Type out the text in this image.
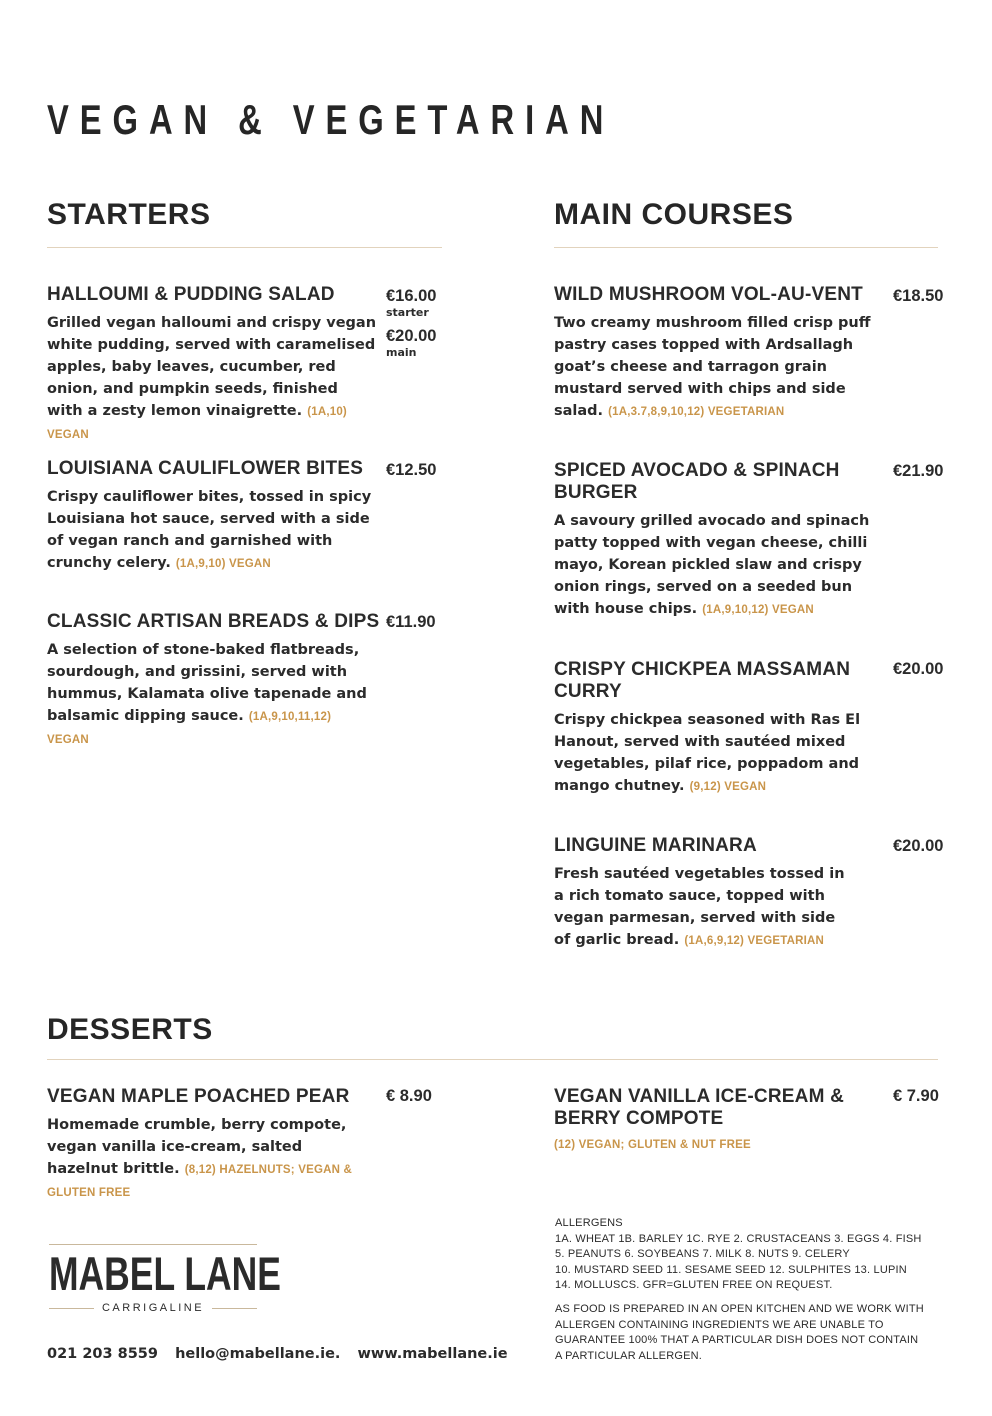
VEGAN & VEGETARIAN
STARTERS
HALLOUMI & PUDDING SALAD
Grilled vegan halloumi and crispy vegan white pudding, served with caramelised apples, baby leaves, cucumber, red onion, and pumpkin seeds, finished with a zesty lemon vinaigrette. (1A,10) VEGAN
€16.00
starter
€20.00
main
LOUISIANA CAULIFLOWER BITES
Crispy cauliflower bites, tossed in spicy Louisiana hot sauce, served with a side of vegan ranch and garnished with crunchy celery. (1A,9,10) VEGAN
€12.50
CLASSIC ARTISAN BREADS & DIPS
A selection of stone-baked flatbreads, sourdough, and grissini, served with hummus, Kalamata olive tapenade and balsamic dipping sauce. (1A,9,10,11,12) VEGAN
€11.90
MAIN COURSES
WILD MUSHROOM VOL-AU-VENT
Two creamy mushroom filled crisp puff pastry cases topped with Ardsallagh goat’s cheese and tarragon grain mustard served with chips and side salad. (1A,3.7,8,9,10,12) VEGETARIAN
€18.50
SPICED AVOCADO & SPINACH BURGER
A savoury grilled avocado and spinach patty topped with vegan cheese, chilli mayo, Korean pickled slaw and crispy onion rings, served on a seeded bun with house chips. (1A,9,10,12) VEGAN
€21.90
CRISPY CHICKPEA MASSAMAN CURRY
Crispy chickpea seasoned with Ras El Hanout, served with sautéed mixed vegetables, pilaf rice, poppadom and mango chutney. (9,12) VEGAN
€20.00
LINGUINE MARINARA
Fresh sautéed vegetables tossed in a rich tomato sauce, topped with vegan parmesan, served with side of garlic bread. (1A,6,9,12) VEGETARIAN
€20.00
DESSERTS
VEGAN MAPLE POACHED PEAR
Homemade crumble, berry compote, vegan vanilla ice-cream, salted hazelnut brittle. (8,12) HAZELNUTS; VEGAN & GLUTEN FREE
€ 8.90	VEGAN VANILLA ICE-CREAM & BERRY COMPOTE
(12) VEGAN; GLUTEN & NUT FREE
€ 7.90
ALLERGENS
1A. WHEAT 1B. BARLEY 1C. RYE 2. CRUSTACEANS 3. EGGS 4. FISH
5. PEANUTS 6. SOYBEANS 7. MILK 8. NUTS 9. CELERY
10. MUSTARD SEED 11. SESAME SEED 12. SULPHITES 13. LUPIN
14. MOLLUSCS. GFR=GLUTEN FREE ON REQUEST.
AS FOOD IS PREPARED IN AN OPEN KITCHEN AND WE WORK WITH ALLERGEN CONTAINING INGREDIENTS WE ARE UNABLE TO GUARANTEE 100% THAT A PARTICULAR DISH DOES NOT CONTAIN A PARTICULAR ALLERGEN.
MABEL LANE
CARRIGALINE
021 203 8559 hello@mabellane.ie. www.mabellane.ie
